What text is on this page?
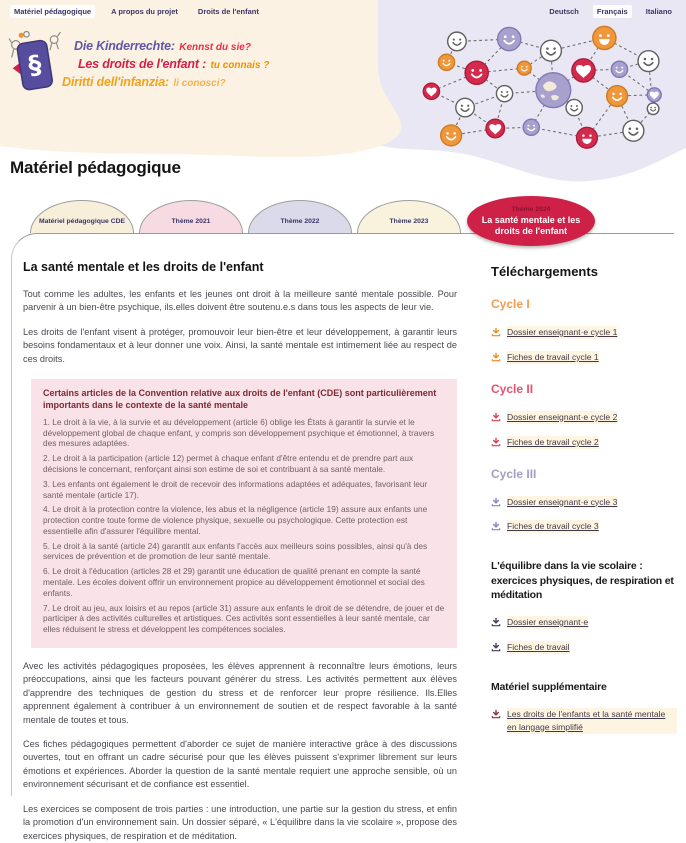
Matériel pédagogique	A propos du projet	Droits de l'enfant	Deutsch	Français	Italiano
§
Die Kinderrechte: Kennst du sie?
Les droits de l'enfant : tu connais ?
Diritti dell'infanzia: li conosci?
Matériel pédagogique
Matériel pédagogique CDE	Thème 2021	Thème 2022	Thème 2023
Thème 2024
La santé mentale et les droits de l'enfant
La santé mentale et les droits de l'enfant

Tout comme les adultes, les enfants et les jeunes ont droit à la meilleure santé mentale possible. Pour parvenir à un bien-être psychique, ils.elles doivent être soutenu.e.s dans tous les aspects de leur vie.

Les droits de l'enfant visent à protéger, promouvoir leur bien-être et leur développement, à garantir leurs besoins fondamentaux et à leur donner une voix. Ainsi, la santé mentale est intimement liée au respect de ces droits.

Certains articles de la Convention relative aux droits de l'enfant (CDE) sont particulièrement importants dans le contexte de la santé mentale

1. Le droit à la vie, à la survie et au développement (article 6) oblige les États à garantir la survie et le développement global de chaque enfant, y compris son développement psychique et émotionnel, à travers des mesures adaptées.

2. Le droit à la participation (article 12) permet à chaque enfant d'être entendu et de prendre part aux décisions le concernant, renforçant ainsi son estime de soi et contribuant à sa santé mentale.

3. Les enfants ont également le droit de recevoir des informations adaptées et adéquates, favorisant leur santé mentale (article 17).

4. Le droit à la protection contre la violence, les abus et la négligence (article 19) assure aux enfants une protection contre toute forme de violence physique, sexuelle ou psychologique. Cette protection est essentielle afin d'assurer l'équilibre mental.

5. Le droit à la santé (article 24) garantit aux enfants l'accès aux meilleurs soins possibles, ainsi qu'à des services de prévention et de promotion de leur santé mentale.

6. Le droit à l'éducation (articles 28 et 29) garantit une éducation de qualité prenant en compte la santé mentale. Les écoles doivent offrir un environnement propice au développement émotionnel et social des enfants.

7. Le droit au jeu, aux loisirs et au repos (article 31) assure aux enfants le droit de se détendre, de jouer et de participer à des activités culturelles et artistiques. Ces activités sont essentielles à leur santé mentale, car elles réduisent le stress et développent les compétences sociales.

Avec les activités pédagogiques proposées, les élèves apprennent à reconnaître leurs émotions, leurs préoccupations, ainsi que les facteurs pouvant générer du stress. Les activités permettent aux élèves d'apprendre des techniques de gestion du stress et de renforcer leur propre résilience. Ils.Elles apprennent également à contribuer à un environnement de soutien et de respect favorable à la santé mentale de toutes et tous.

Ces fiches pédagogiques permettent d'aborder ce sujet de manière interactive grâce à des discussions ouvertes, tout en offrant un cadre sécurisé pour que les élèves puissent s'exprimer librement sur leurs émotions et expériences. Aborder la question de la santé mentale requiert une approche sensible, où un environnement sécurisant et de confiance est essentiel.

Les exercices se composent de trois parties : une introduction, une partie sur la gestion du stress, et enfin la promotion d'un environnement sain. Un dossier séparé, « L'équilibre dans la vie scolaire », propose des exercices physiques, de respiration et de méditation.

Téléchargements
Cycle I
Dossier enseignant·e cycle 1
Fiches de travail cycle 1
Cycle II
Dossier enseignant·e cycle 2
Fiches de travail cycle 2
Cycle III
Dossier enseignant·e cycle 3
Fiches de travail cycle 3
L'équilibre dans la vie scolaire : exercices physiques, de respiration et méditation
Dossier enseignant·e
Fiches de travail
Matériel supplémentaire
Les droits de l'enfants et la santé mentale en langage simplifié
